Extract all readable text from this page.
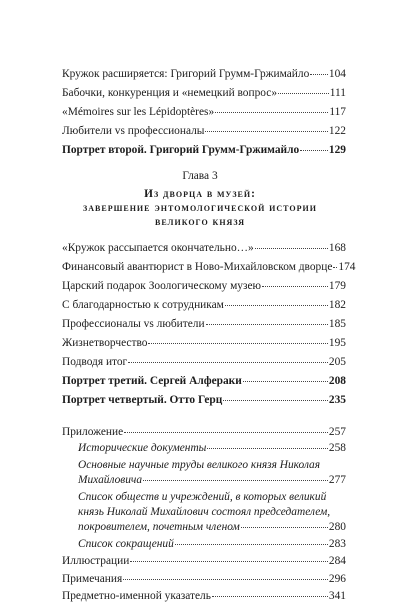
Кружок расширяется: Григорий Грумм-Гржимайло 104
Бабочки, конкуренция и «немецкий вопрос»	111
«Mémoires sur les Lépidoptères»	117
Любители vs профессионалы	122
Портрет второй. Григорий Грумм-Гржимайло	129
Глава 3
Из дворца в музей:
завершение энтомологической истории
великого князя
«Кружок рассыпается окончательно…»	168
Финансовый авантюрист в Ново-Михайловском дворце 174
Царский подарок Зоологическому музею	179
С благодарностью к сотрудникам	182
Профессионалы vs любители	185
Жизнетворчество	195
Подводя итог	205
Портрет третий. Сергей Алфераки	208
Портрет четвертый. Отто Герц	235
Приложение	257
Исторические документы	258
Основные научные труды великого князя Николая
Михайловича	277
Список обществ и учреждений, в которых великий
князь Николай Михайлович состоял председателем,
покровителем, почетным членом	280
Список сокращений	283
Иллюстрации	284
Примечания	296
Предметно-именной указатель	341
